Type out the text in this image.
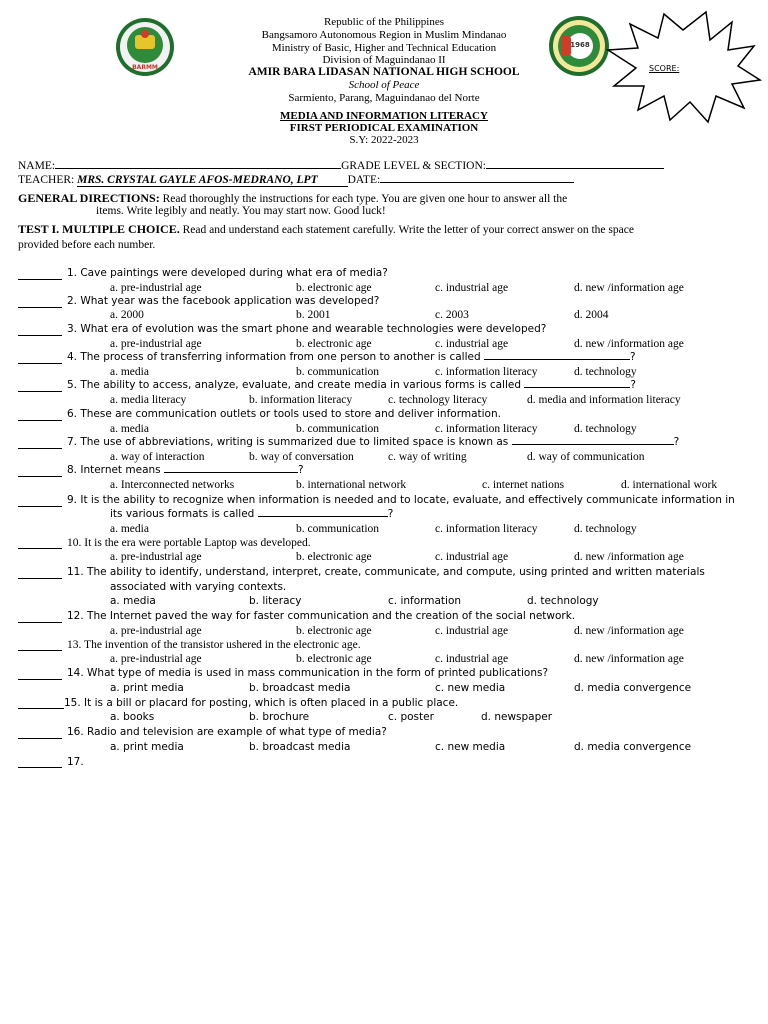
BARMM
1968
SCORE:
Republic of the Philippines
Bangsamoro Autonomous Region in Muslim Mindanao
Ministry of Basic, Higher and Technical Education
Division of Maguindanao II
AMIR BARA LIDASAN NATIONAL HIGH SCHOOL
School of Peace
Sarmiento, Parang, Maguindanao del Norte
MEDIA AND INFORMATION LITERACY
FIRST PERIODICAL EXAMINATION
S.Y: 2022-2023
NAME:	GRADE LEVEL & SECTION:
TEACHER: MRS. CRYSTAL GAYLE AFOS-MEDRANO, LPT	DATE:
GENERAL DIRECTIONS: Read thoroughly the instructions for each type. You are given one hour to answer all the
items. Write legibly and neatly. You may start now. Good luck!
TEST I. MULTIPLE CHOICE. Read and understand each statement carefully. Write the letter of your correct answer on the space
provided before each number.
1. Cave paintings were developed during what era of media?
a. pre-industrial age	b. electronic age	c. industrial age	d. new /information age
2. What year was the facebook application was developed?
a. 2000	b. 2001	c. 2003	d. 2004
3. What era of evolution was the smart phone and wearable technologies were developed?
a. pre-industrial age	b. electronic age	c. industrial age	d. new /information age
4. The process of transferring information from one person to another is called	?
a. media	b. communication	c. information literacy	d. technology
5. The ability to access, analyze, evaluate, and create media in various forms is called	?
a. media literacy	b. information literacy	c. technology literacy	d. media and information literacy
6. These are communication outlets or tools used to store and deliver information.
a. media	b. communication	c. information literacy	d. technology
7. The use of abbreviations, writing is summarized due to limited space is known as	?
a. way of interaction	b. way of conversation	c. way of writing	d. way of communication
8. Internet means	?
a. Interconnected networks	b. international network	c. internet nations	d. international work
9. It is the ability to recognize when information is needed and to locate, evaluate, and effectively communicate information in
its various formats is called	?
a. media	b. communication	c. information literacy	d. technology
10. It is the era were portable Laptop was developed.
a. pre-industrial age	b. electronic age	c. industrial age	d. new /information age
11. The ability to identify, understand, interpret, create, communicate, and compute, using printed and written materials
associated with varying contexts.
a. media	b. literacy	c. information	d. technology
12. The Internet paved the way for faster communication and the creation of the social network.
a. pre-industrial age	b. electronic age	c. industrial age	d. new /information age
13. The invention of the transistor ushered in the electronic age.
a. pre-industrial age	b. electronic age	c. industrial age	d. new /information age
14. What type of media is used in mass communication in the form of printed publications?
a. print media	b. broadcast media	c. new media	d. media convergence
15. It is a bill or placard for posting, which is often placed in a public place.
a. books	b. brochure	c. poster	d. newspaper
16. Radio and television are example of what type of media?
a. print media	b. broadcast media	c. new media	d. media convergence
17.
